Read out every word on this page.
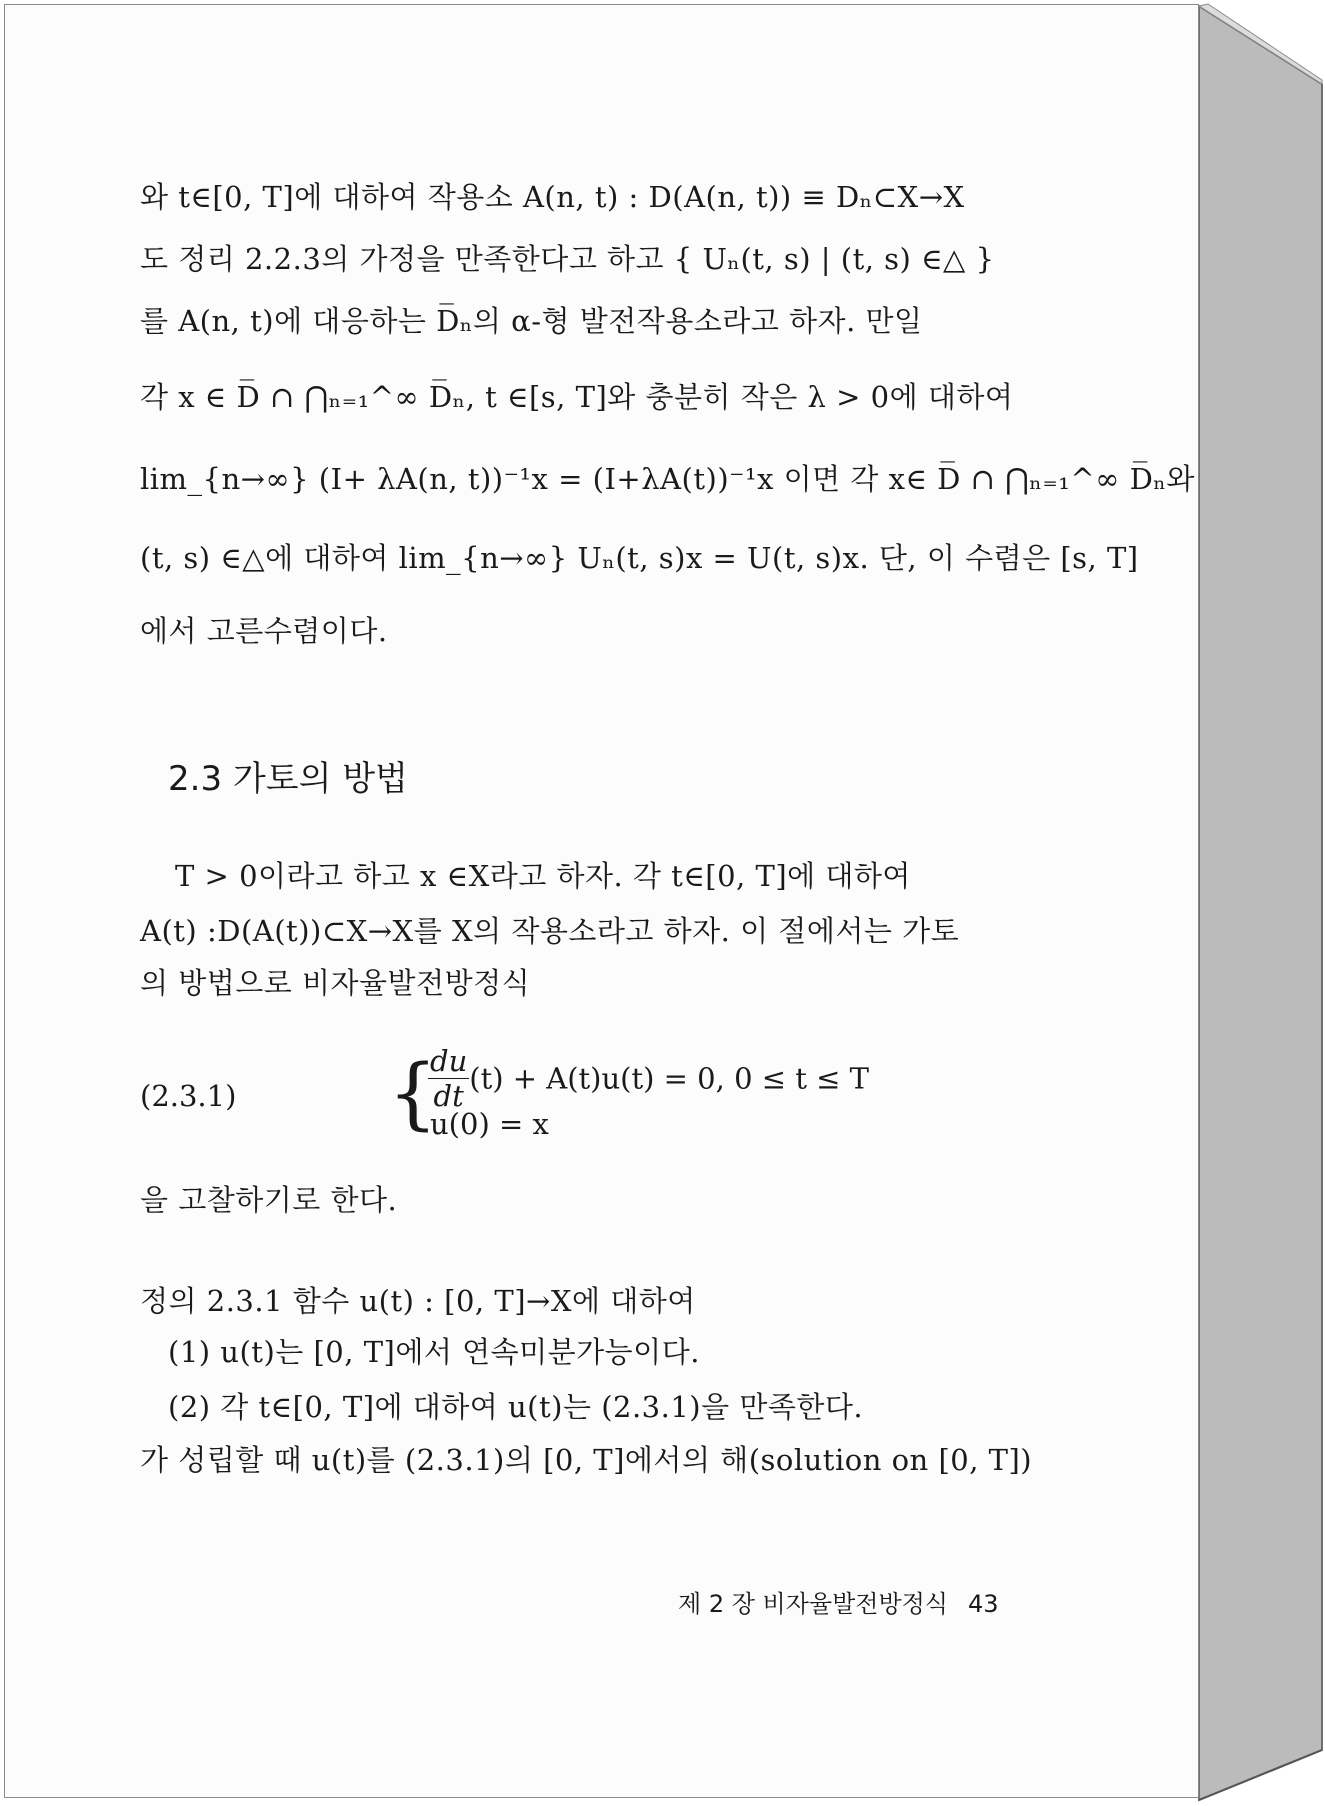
와 t∈[0, T]에 대하여 작용소 A(n, t) : D(A(n, t)) ≡ Dₙ⊂X→X
도 정리 2.2.3의 가정을 만족한다고 하고 { Uₙ(t, s) | (t, s) ∈△ }
를 A(n, t)에 대응하는 D̅ₙ의 α-형 발전작용소라고 하자. 만일
각 x ∈ D̅ ∩ ⋂ₙ₌₁^∞ D̅ₙ, t ∈[s, T]와 충분히 작은 λ > 0에 대하여
lim_{n→∞} (I+ λA(n, t))⁻¹x = (I+λA(t))⁻¹x 이면 각 x∈ D̅ ∩ ⋂ₙ₌₁^∞ D̅ₙ와
(t, s) ∈△에 대하여 lim_{n→∞} Uₙ(t, s)x = U(t, s)x. 단, 이 수렴은 [s, T]
에서 고른수렴이다.
2.3 가토의 방법
T > 0이라고 하고 x ∈X라고 하자. 각 t∈[0, T]에 대하여
A(t) :D(A(t))⊂X→X를 X의 작용소라고 하자. 이 절에서는 가토
의 방법으로 비자율발전방정식
(2.3.1) {
$\frac{du}{dt} (t) + A(t)u(t) = 0$, 0 ≤ t ≤ T
u(0) = x
을 고찰하기로 한다.
정의 2.3.1 함수 u(t) : [0, T]→X에 대하여
(1) u(t)는 [0, T]에서 연속미분가능이다.
(2) 각 t∈[0, T]에 대하여 u(t)는 (2.3.1)을 만족한다.
가 성립할 때 u(t)를 (2.3.1)의 [0, T]에서의 해(solution on [0, T])
제 2 장 비자율발전방정식 43
